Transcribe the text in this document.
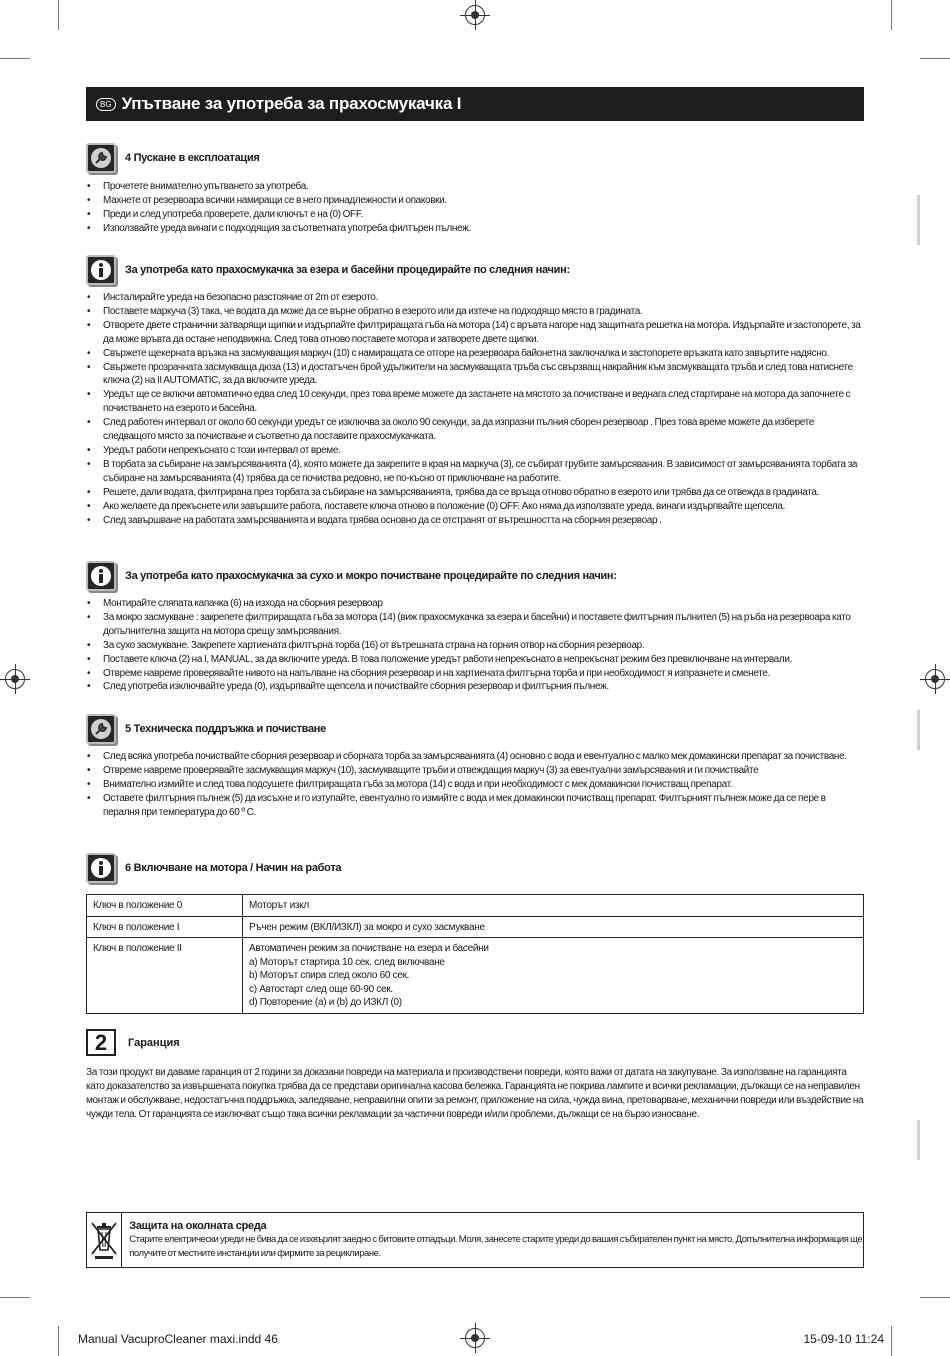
BG Упътване за употреба за прахосмукачка I
4 Пускане в експлоатация
• Прочетете внимателно упътването за употреба.
• Махнете от резервоара всички намиращи се в него принадлежности и опаковки.
• Преди и след употреба проверете, дали ключът е на (0) OFF.
• Използвайте уреда винаги с подходящия за съответната употреба филтърен пълнеж.
За употреба като прахосмукачка за езера и басейни процедирайте по следния начин:
• Инсталирайте уреда на безопасно разстояние от 2m от езерото.
• Поставете маркуча (3) така, че водата да може да се върне обратно в езерото или да изтече на подходящо място в градината.
• Отворете двете странични затварящи щипки и издърпайте филтриращата гъба на мотора (14) с връвта нагоре над защитната решетка на мотора. Издърпайте и застопорете, за да може връвта да остане неподвижна. След това отново поставете мотора и затворете двете щипки.
• Свържете щекерната връзка на засмукващия маркуч (10) с намиращата се отгоре на резервоара байонетна заключалка и застопорете връзката като завъртите надясно.
• Свържете прозрачната засмукваща дюза (13) и достатъчен брой удължители на засмукващата тръба със свързващ накрайник към засмукващата тръба и след това натиснете ключа (2) на II AUTOMATIC, за да включите уреда.
• Уредът ще се включи автоматично едва след 10 секунди, през това време можете да застанете на мястото за почистване и веднага след стартиране на мотора да започнете с почистването на езерото и басейна.
• След работен интервал от около 60 секунди уредът се изключва за около 90 секунди, за да изпразни пълния сборен резервоар . През това време можете да изберете следващото място за почистване и съответно да поставите прахосмукачката.
• Уредът работи непрекъснато с този интервал от време.
• В торбата за събиране на замърсяванията (4), която можете да закрепите в края на маркуча (3), се събират грубите замърсявания. В зависимост от замърсяванията торбата за събиране на замърсяванията (4) трябва да се почиства редовно, не по-късно от приключване на работите.
• Решете, дали водата, филтрирана през торбата за събиране на замърсяванията, трябва да се връща отново обратно в езерото или трябва да се отвежда в градината.
• Ако желаете да прекъснете или завършите работа, поставете ключа отново в положение (0) OFF. Ако няма да използвате уреда, винаги издърпвайте щепсела.
• След завършване на работата замърсяванията и водата трябва основно да се отстранят от вътрешността на сборния резервоар .
За употреба като прахосмукачка за сухо и мокро почистване процедирайте по следния начин:
• Монтирайте сляпата капачка (6) на изхода на сборния резервоар
• За мокро засмукване : закрепете филтриращата гъба за мотора (14) (виж прахосмукачка за езера и басейни) и поставете филтърния пълнител (5) на ръба на резервоара като допълнителна защита на мотора срещу замърсявания.
• За сухо засмукване. Закрепете хартиената филтърна торба (16) от вътрешната страна на горния отвор на сборния резервоар.
• Поставете ключа (2) на I, MANUAL, за да включите уреда. В това положение уредът работи непрекъснато в непрекъснат режим без превключване на интервали.
• Отвреме навреме проверявайте нивото на напълване на сборния резервоар и на хартиената филтърна торба и при необходимост я изпразнете и сменете.
• След употреба изключвайте уреда (0), издърпвайте щепсела и почиствайте сборния резервоар и филтърния пълнеж.
5 Техническа поддръжка и почистване
• След всяка употреба почиствайте сборния резервоар и сборната торба за замърсяванията (4) основно с вода и евентуално с малко мек домакински препарат за почистване.
• Отвреме навреме проверявайте засмукващия маркуч (10), засмукващите тръби и отвеждащия маркуч (3) за евентуални замърсявания и ги почиствайте
• Внимателно измийте и след това подсушете филтриращата гъба за мотора (14) с вода и при необходимост с мек домакински почистващ препарат.
• Оставете филтърния пълнеж (5) да изсъхне и го изтупайте, евентуално го измийте с вода и мек домакински почистващ препарат. Филтърният пълнеж може да се пере в пералня при температура до 60 º C.
6 Включване на мотора / Начин на работа
Ключ в положение 0	Моторът изкл

Ключ в положение I	Ръчен режим (ВКЛ/ИЗКЛ) за мокро и сухо засмукване

Ключ в положение II	Автоматичен режим за почистване на езера и басейни
a) Моторът стартира 10 сек. след включване
b) Моторът спира след около 60 сек.
c) Автостарт след още 60-90 сек.
d) Повторение (a) и (b) до ИЗКЛ (0)
2	Гаранция

За този продукт ви даваме гаранция от 2 години за доказани повреди на материала и производствени повреди, която важи от датата на закупуване. За използване на гаранцията като доказателство за извършената покупка трябва да се представи оригинална касова бележка. Гаранцията не покрива лампите и всички рекламации, дължащи се на неправилен монтаж и обслужване, недостатъчна поддръжка, заледяване, неправилни опити за ремонт, приложение на сила, чужда вина, претоварване, механични повреди или въздействие на чужди тела. От гаранцията се изключват също така всички рекламации за частични повреди и/или проблеми, дължащи се на бързо износване.

Защита на околната среда
Старите електрически уреди не бива да се изхвърлят заедно с битовите отпадъци. Моля, занесете старите уреди до вашия събирателен пункт на място. Допълнителна информация ще получите от местните инстанции или фирмите за рециклиране.
Manual VacuproCleaner maxi.indd 46	15-09-10 11:24
